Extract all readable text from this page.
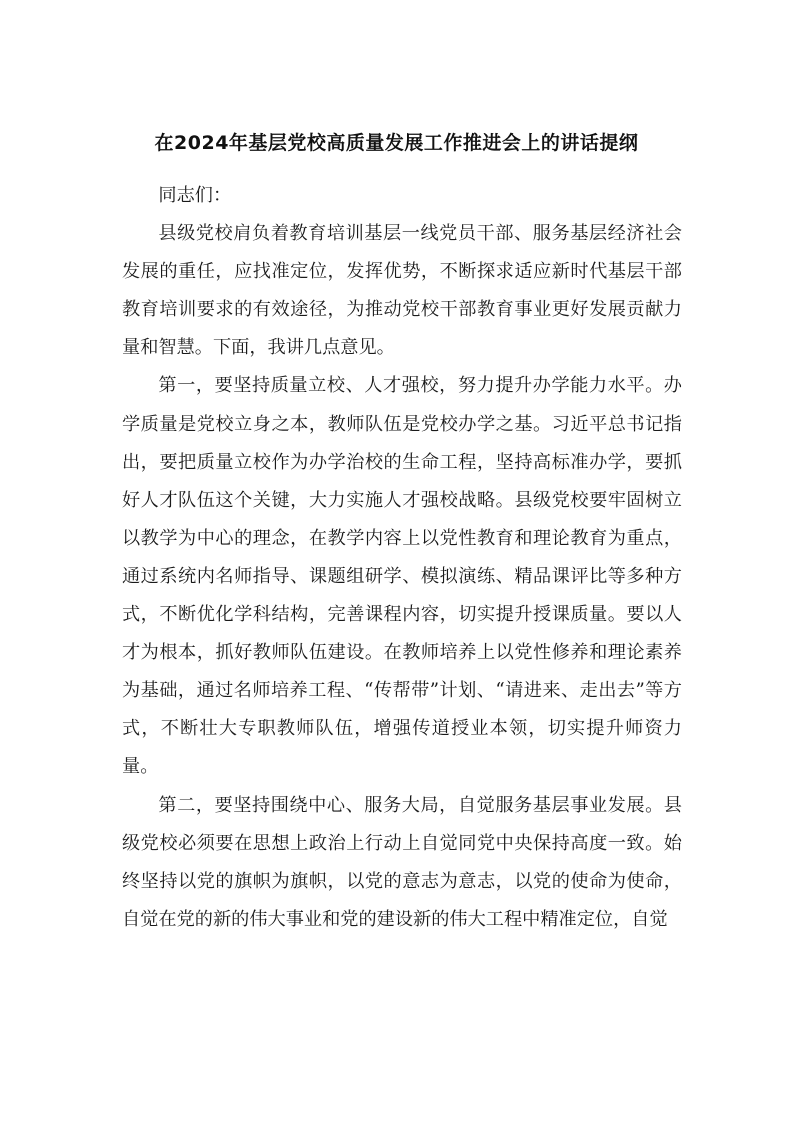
在2024年基层党校高质量发展工作推进会上的讲话提纲

同志们：

县级党校肩负着教育培训基层一线党员干部、服务基层经济社会发展的重任，应找准定位，发挥优势，不断探求适应新时代基层干部教育培训要求的有效途径，为推动党校干部教育事业更好发展贡献力量和智慧。下面，我讲几点意见。

第一，要坚持质量立校、人才强校，努力提升办学能力水平。办学质量是党校立身之本，教师队伍是党校办学之基。习近平总书记指出，要把质量立校作为办学治校的生命工程，坚持高标准办学，要抓好人才队伍这个关键，大力实施人才强校战略。县级党校要牢固树立以教学为中心的理念，在教学内容上以党性教育和理论教育为重点，通过系统内名师指导、课题组研学、模拟演练、精品课评比等多种方式，不断优化学科结构，完善课程内容，切实提升授课质量。要以人才为根本，抓好教师队伍建设。在教师培养上以党性修养和理论素养为基础，通过名师培养工程、“传帮带”计划、“请进来、走出去”等方式，不断壮大专职教师队伍，增强传道授业本领，切实提升师资力量。

第二，要坚持围绕中心、服务大局，自觉服务基层事业发展。县级党校必须要在思想上政治上行动上自觉同党中央保持高度一致。始终坚持以党的旗帜为旗帜，以党的意志为意志，以党的使命为使命，自觉在党的新的伟大事业和党的建设新的伟大工程中精准定位，自觉
